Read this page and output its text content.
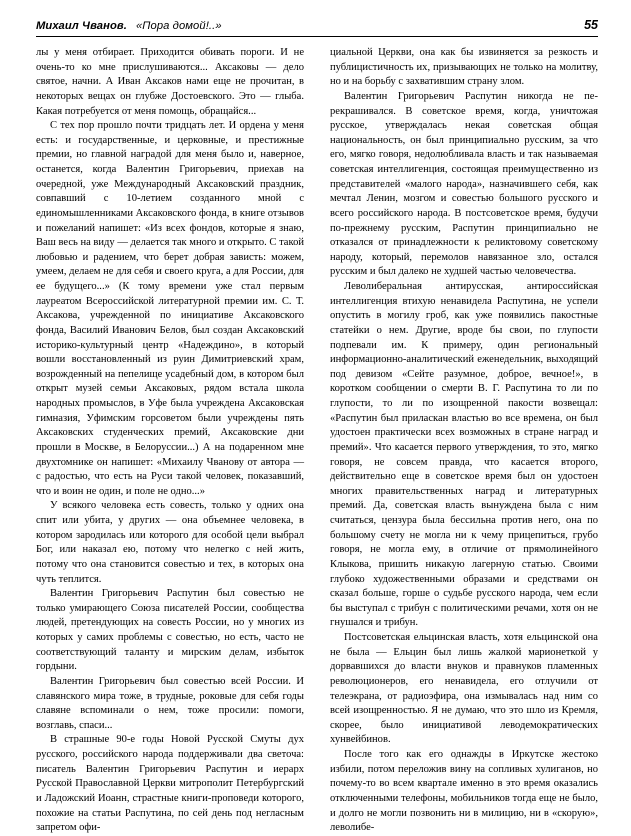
Михаил Чванов. «Пора домой!..»	55

лы у меня отбирает. Приходится обивать пороги. И не очень-то ко мне прислушиваются... Аксаковы — дело святое, начни. А Иван Аксаков нами еще не прочитан, в некоторых вещах он глубже Достоевского. Это — глыба. Какая потребуется от меня помощь, обращайся...

С тех пор прошло почти тридцать лет. И ордена у меня есть: и государственные, и церковные, и престижные премии, но главной наградой для меня было и, наверное, останется, когда Валентин Григорьевич, приехав на очередной, уже Международный Аксаковский праздник, совпавший с 10-летием созданного мной с единомышленниками Аксаковского фонда, в книге отзывов и пожеланий напишет: «Из всех фондов, которые я знаю, Ваш весь на виду — делается так много и открыто. С такой любовью и радением, что берет добрая зависть: можем, умеем, делаем не для себя и своего круга, а для России, для ее будущего...» (К тому времени уже стал первым лауреатом Всероссийской литературной премии им. С. Т. Аксакова, учрежденной по инициативе Аксаковского фонда, Василий Иванович Белов, был создан Аксаковский историко-культурный центр «Надеждино», в который вошли восстановленный из руин Димитриевский храм, возрожденный на пепелище усадебный дом, в котором был открыт музей семьи Аксаковых, рядом встала школа народных промыслов, в Уфе была учреждена Аксаковская гимназия, Уфимским горсоветом были учреждены пять Аксаковских студенческих премий, Аксаковские дни прошли в Москве, в Белоруссии...) А на подаренном мне двухтомнике он напишет: «Михаилу Чванову от автора — с радостью, что есть на Руси такой человек, показавший, что и воин не один, и поле не одно...»

У всякого человека есть совесть, только у одних она спит или убита, у других — она объемнее человека, в котором зародилась или которого для особой цели выбрал Бог, или наказал ею, потому что нелегко с ней жить, потому что она становится совестью и тех, в которых она чуть теплится.

Валентин Григорьевич Распутин был совестью не только умирающего Союза писателей России, сообщества людей, претендующих на совесть России, но у многих из которых у самих проблемы с совестью, но есть, часто не соответствующий таланту и мирским делам, избыток гордыни.

Валентин Григорьевич был совестью всей России. И славянского мира тоже, в трудные, роковые для себя годы славяне вспоминали о нем, тоже просили: помоги, возглавь, спаси...

В страшные 90-е годы Новой Русской Смуты дух русского, российского народа поддерживали два светоча: писатель Валентин Григорьевич Распутин и иерарх Русской Православной Церкви митрополит Петербургский и Ладожский Иоанн, страстные книги-проповеди которого, похожие на статьи Распутина, по сей день под негласным запретом офи-

циальной Церкви, она как бы извиняется за резкость и публицистичность их, призывающих не только на молитву, но и на борьбу с захватившим страну злом.

Валентин Григорьевич Распутин никогда не перекрашивался. В советское время, когда, уничтожая русское, утверждалась некая советская общая национальность, он был принципиально русским, за что его, мягко говоря, недолюбливала власть и так называемая советская интеллигенция, состоящая преимущественно из представителей «малого народа», назначившего себя, как мечтал Ленин, мозгом и совестью большого русского и всего российского народа. В постсоветское время, будучи по-прежнему русским, Распутин принципиально не отказался от принадлежности к реликтовому советскому народу, который, перемолов навязанное зло, остался русским и был далеко не худшей частью человечества.

Леволиберальная антирусская, антироссийская интеллигенция втихую ненавидела Распутина, не успели опустить в могилу гроб, как уже появились пакостные статейки о нем. Другие, вроде бы свои, по глупости подпевали им. К примеру, один региональный информационно-аналитический еженедельник, выходящий под девизом «Сейте разумное, доброе, вечное!», в коротком сообщении о смерти В. Г. Распутина то ли по глупости, то ли по изощренной пакости возвещал: «Распутин был приласкан властью во все времена, он был удостоен практически всех возможных в стране наград и премий». Что касается первого утверждения, то это, мягко говоря, не совсем правда, что касается второго, действительно еще в советское время был он удостоен многих правительственных наград и литературных премий. Да, советская власть вынуждена была с ним считаться, цензура была бессильна против него, она по большому счету не могла ни к чему прицепиться, грубо говоря, не могла ему, в отличие от прямолинейного Клыкова, пришить никакую лагерную статью. Своими глубоко художественными образами и средствами он сказал больше, горше о судьбе русского народа, чем если бы выступал с трибун с политическими речами, хотя он не гнушался и трибун.

Постсоветская ельцинская власть, хотя ельцинской она не была — Ельцин был лишь жалкой марионеткой у дорвавшихся до власти внуков и правнуков пламенных революционеров, его ненавидела, его отлучили от телеэкрана, от радиоэфира, она измывалась над ним со всей изощренностью. Я не думаю, что это шло из Кремля, скорее, было инициативой леводемократических хунвейбинов.

После того как его однажды в Иркутске жестоко избили, потом переложив вину на сопливых хулиганов, но почему-то во всем квартале именно в это время оказались отключенными телефоны, мобильников тогда еще не было, и долго не могли позвонить ни в милицию, ни в «скорую», леволибе-
